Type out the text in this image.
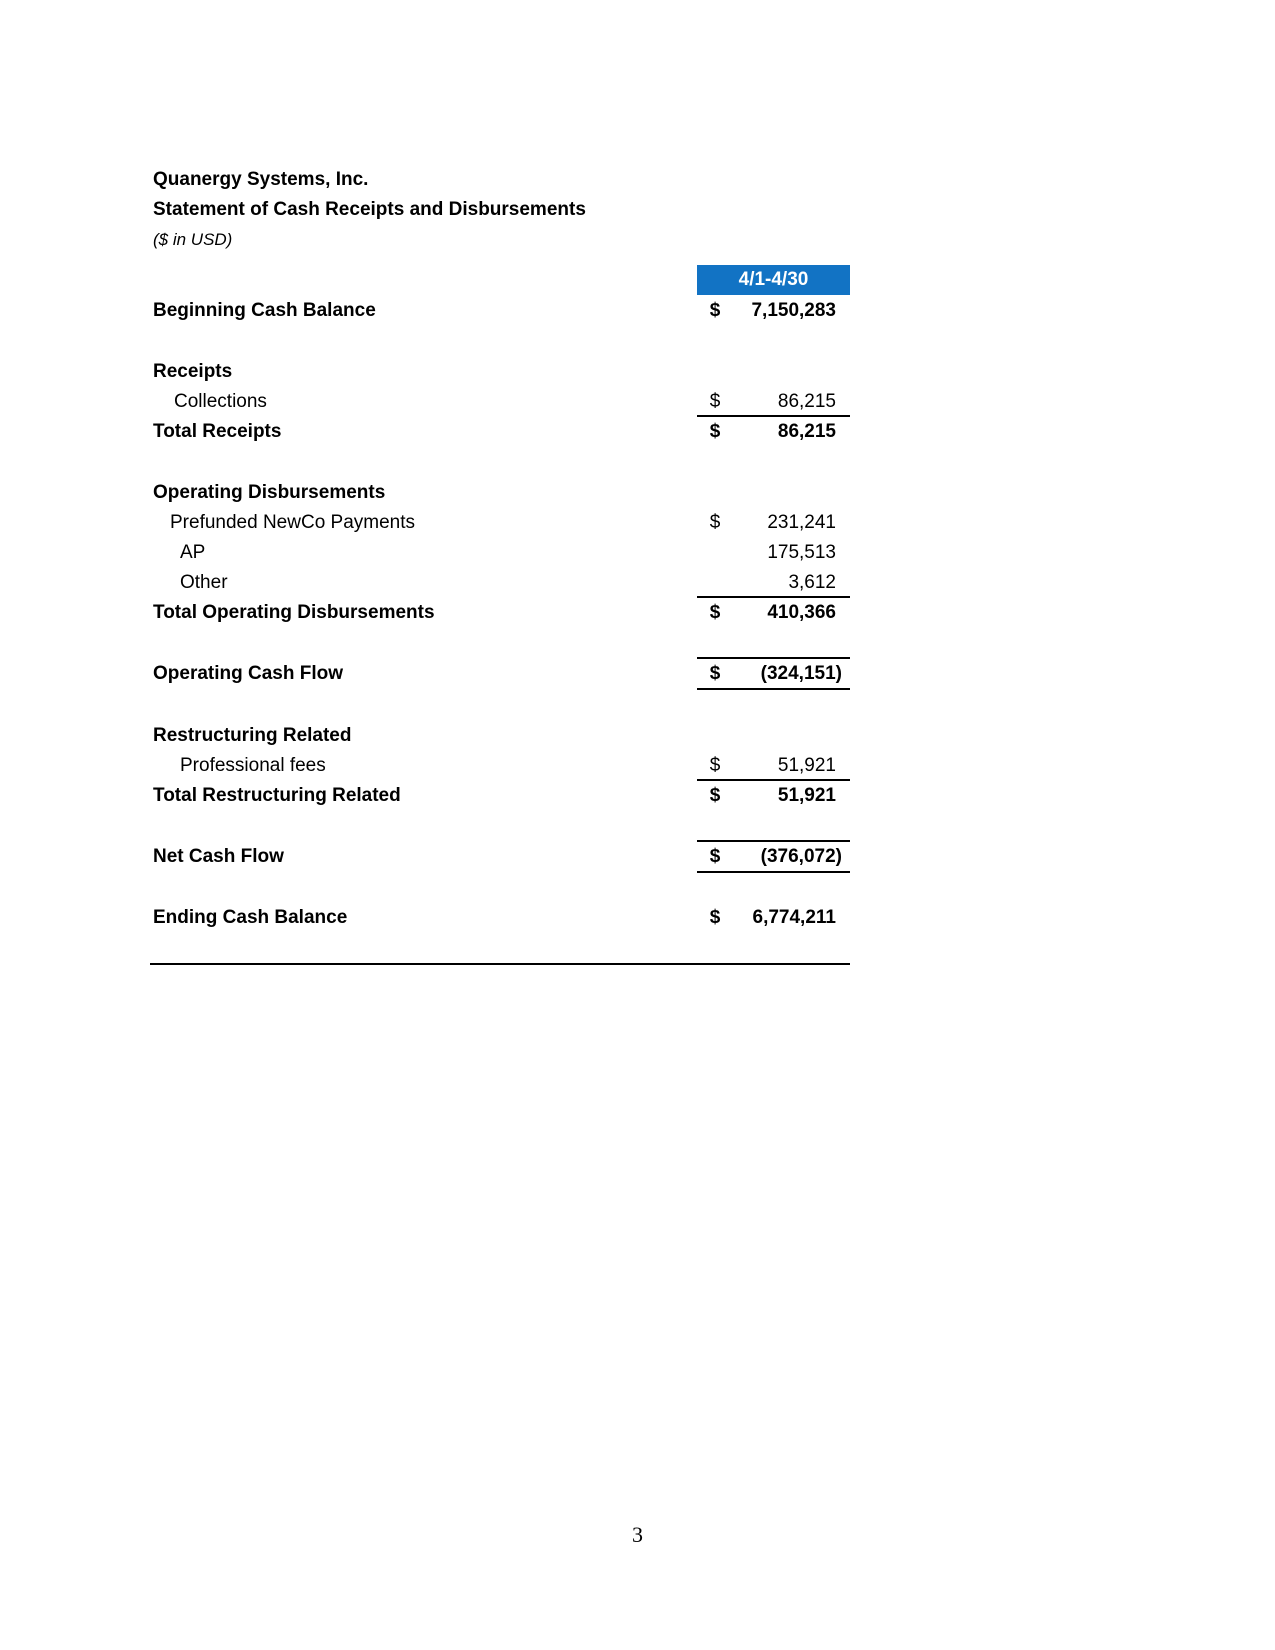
Quanergy Systems, Inc.
Statement of Cash Receipts and Disbursements
($ in USD)
4/1-4/30
Beginning Cash Balance	$ 7,150,283
Receipts
Collections	$	86,215
Total Receipts	$	86,215
Operating Disbursements
Prefunded NewCo Payments	$ 231,241
AP	175,513
Other	3,612
Total Operating Disbursements	$ 410,366
Operating Cash Flow	$ (324,151)
Restructuring Related
Professional fees	$	51,921
Total Restructuring Related	$	51,921
Net Cash Flow	$ (376,072)
Ending Cash Balance	$ 6,774,211
3
